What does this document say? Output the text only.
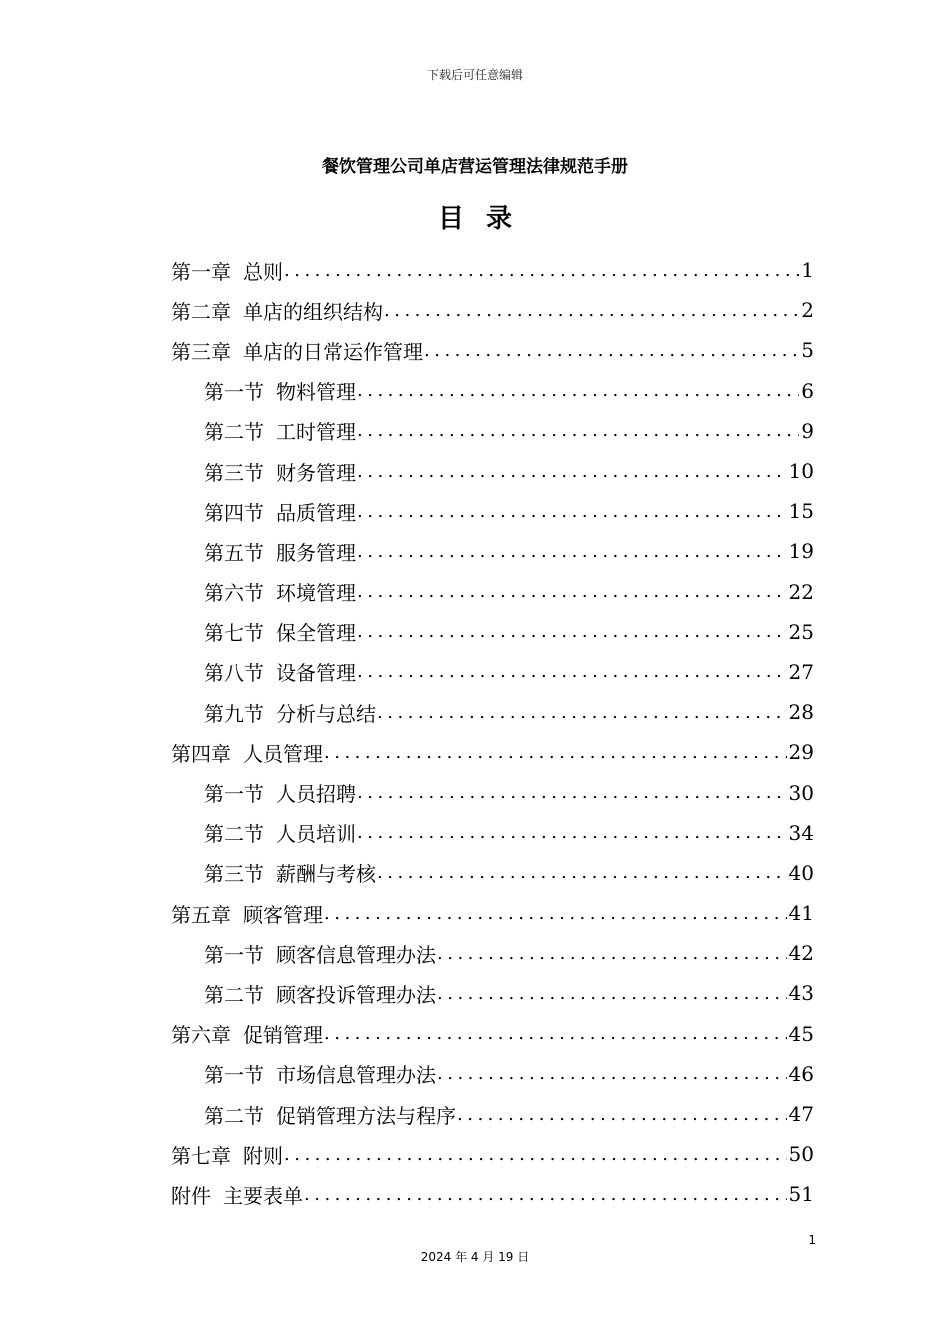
下载后可任意编辑
餐饮管理公司单店营运管理法律规范手册
目录
第一章 总则 .....	1
第二章 单店的组织结构 .....	2
第三章 单店的日常运作管理 .....	5
第一节 物料管理 .....	6
第二节 工时管理 .....	9
第三节 财务管理 .....	10
第四节 品质管理 .....	15
第五节 服务管理 .....	19
第六节 环境管理 .....	22
第七节 保全管理 .....	25
第八节 设备管理 .....	27
第九节 分析与总结 .....	28
第四章 人员管理 .....	29
第一节 人员招聘 .....	30
第二节 人员培训 .....	34
第三节 薪酬与考核 .....	40
第五章 顾客管理 .....	41
第一节 顾客信息管理办法 .....	42
第二节 顾客投诉管理办法 .....	43
第六章 促销管理 .....	45
第一节 市场信息管理办法 .....	46
第二节 促销管理方法与程序 .....	47
第七章 附则 .....	50
附件 主要表单 .....	51
1
2024 年 4 月 19 日
